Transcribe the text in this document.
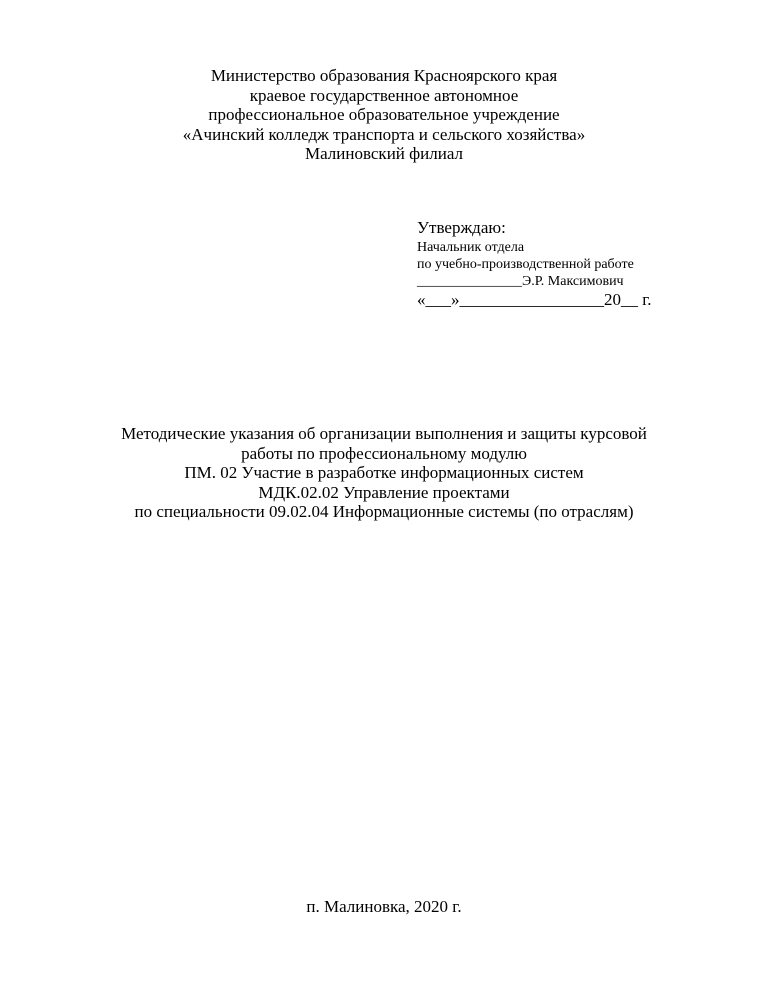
Министерство образования Красноярского края
краевое государственное автономное
профессиональное образовательное учреждение
«Ачинский колледж транспорта и сельского хозяйства»
Малиновский филиал
Утверждаю:
Начальник отдела
по учебно-производственной работе
_______________Э.Р. Максимович
«___»_________________20__ г.
Методические указания об организации выполнения и защиты курсовой
работы по профессиональному модулю
ПМ. 02 Участие в разработке информационных систем
МДК.02.02 Управление проектами
по специальности 09.02.04 Информационные системы (по отраслям)
п. Малиновка, 2020 г.
